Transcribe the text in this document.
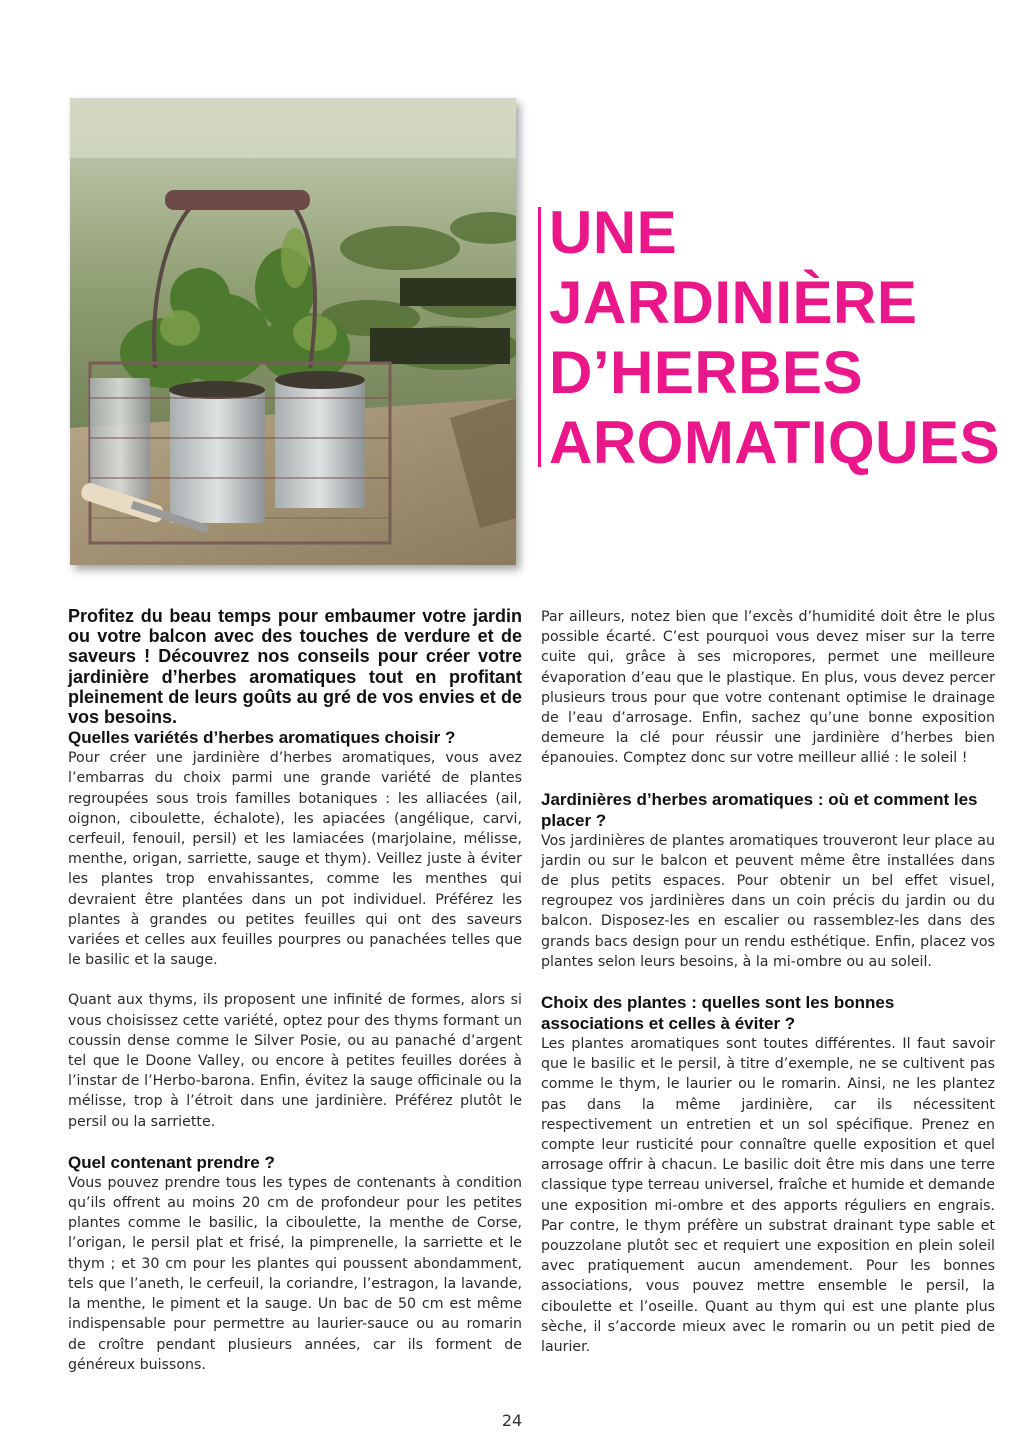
UNE
JARDINIÈRE
D’HERBES
AROMATIQUES

Profitez du beau temps pour embaumer votre jardin ou votre balcon avec des touches de verdure et de saveurs ! Découvrez nos conseils pour créer votre jardinière d’herbes aromatiques tout en profitant pleinement de leurs goûts au gré de vos envies et de vos besoins.

Quelles variétés d’herbes aromatiques choisir ?

Pour créer une jardinière d’herbes aromatiques, vous avez l’embarras du choix parmi une grande variété de plantes regroupées sous trois familles botaniques : les alliacées (ail, oignon, ciboulette, échalote), les apiacées (angélique, carvi, cerfeuil, fenouil, persil) et les lamiacées (marjolaine, mélisse, menthe, origan, sarriette, sauge et thym). Veillez juste à éviter les plantes trop envahissantes, comme les menthes qui devraient être plantées dans un pot individuel. Préférez les plantes à grandes ou petites feuilles qui ont des saveurs variées et celles aux feuilles pourpres ou panachées telles que le basilic et la sauge.

Quant aux thyms, ils proposent une infinité de formes, alors si vous choisissez cette variété, optez pour des thyms formant un coussin dense comme le Silver Posie, ou au panaché d’argent tel que le Doone Valley, ou encore à petites feuilles dorées à l’instar de l’Herbo-barona. Enfin, évitez la sauge officinale ou la mélisse, trop à l’étroit dans une jardinière. Préférez plutôt le persil ou la sarriette.

Quel contenant prendre ?

Vous pouvez prendre tous les types de contenants à condition qu’ils offrent au moins 20 cm de profondeur pour les petites plantes comme le basilic, la ciboulette, la menthe de Corse, l’origan, le persil plat et frisé, la pimprenelle, la sarriette et le thym ; et 30 cm pour les plantes qui poussent abondamment, tels que l’aneth, le cerfeuil, la coriandre, l’estragon, la lavande, la menthe, le piment et la sauge. Un bac de 50 cm est même indispensable pour permettre au laurier-sauce ou au romarin de croître pendant plusieurs années, car ils forment de généreux buissons.

Par ailleurs, notez bien que l’excès d’humidité doit être le plus possible écarté. C’est pourquoi vous devez miser sur la terre cuite qui, grâce à ses micropores, permet une meilleure évaporation d’eau que le plastique. En plus, vous devez percer plusieurs trous pour que votre contenant optimise le drainage de l’eau d’arrosage. Enfin, sachez qu’une bonne exposition demeure la clé pour réussir une jardinière d’herbes bien épanouies. Comptez donc sur votre meilleur allié : le soleil !

Jardinières d’herbes aromatiques : où et comment les placer ?

Vos jardinières de plantes aromatiques trouveront leur place au jardin ou sur le balcon et peuvent même être installées dans de plus petits espaces. Pour obtenir un bel effet visuel, regroupez vos jardinières dans un coin précis du jardin ou du balcon. Disposez-les en escalier ou rassemblez-les dans des grands bacs design pour un rendu esthétique. Enfin, placez vos plantes selon leurs besoins, à la mi-ombre ou au soleil.

Choix des plantes : quelles sont les bonnes associations et celles à éviter ?

Les plantes aromatiques sont toutes différentes. Il faut savoir que le basilic et le persil, à titre d’exemple, ne se cultivent pas comme le thym, le laurier ou le romarin. Ainsi, ne les plantez pas dans la même jardinière, car ils nécessitent respectivement un entretien et un sol spécifique. Prenez en compte leur rusticité pour connaître quelle exposition et quel arrosage offrir à chacun. Le basilic doit être mis dans une terre classique type terreau universel, fraîche et humide et demande une exposition mi-ombre et des apports réguliers en engrais. Par contre, le thym préfère un substrat drainant type sable et pouzzolane plutôt sec et requiert une exposition en plein soleil avec pratiquement aucun amendement. Pour les bonnes associations, vous pouvez mettre ensemble le persil, la ciboulette et l’oseille. Quant au thym qui est une plante plus sèche, il s’accorde mieux avec le romarin ou un petit pied de laurier.

24
